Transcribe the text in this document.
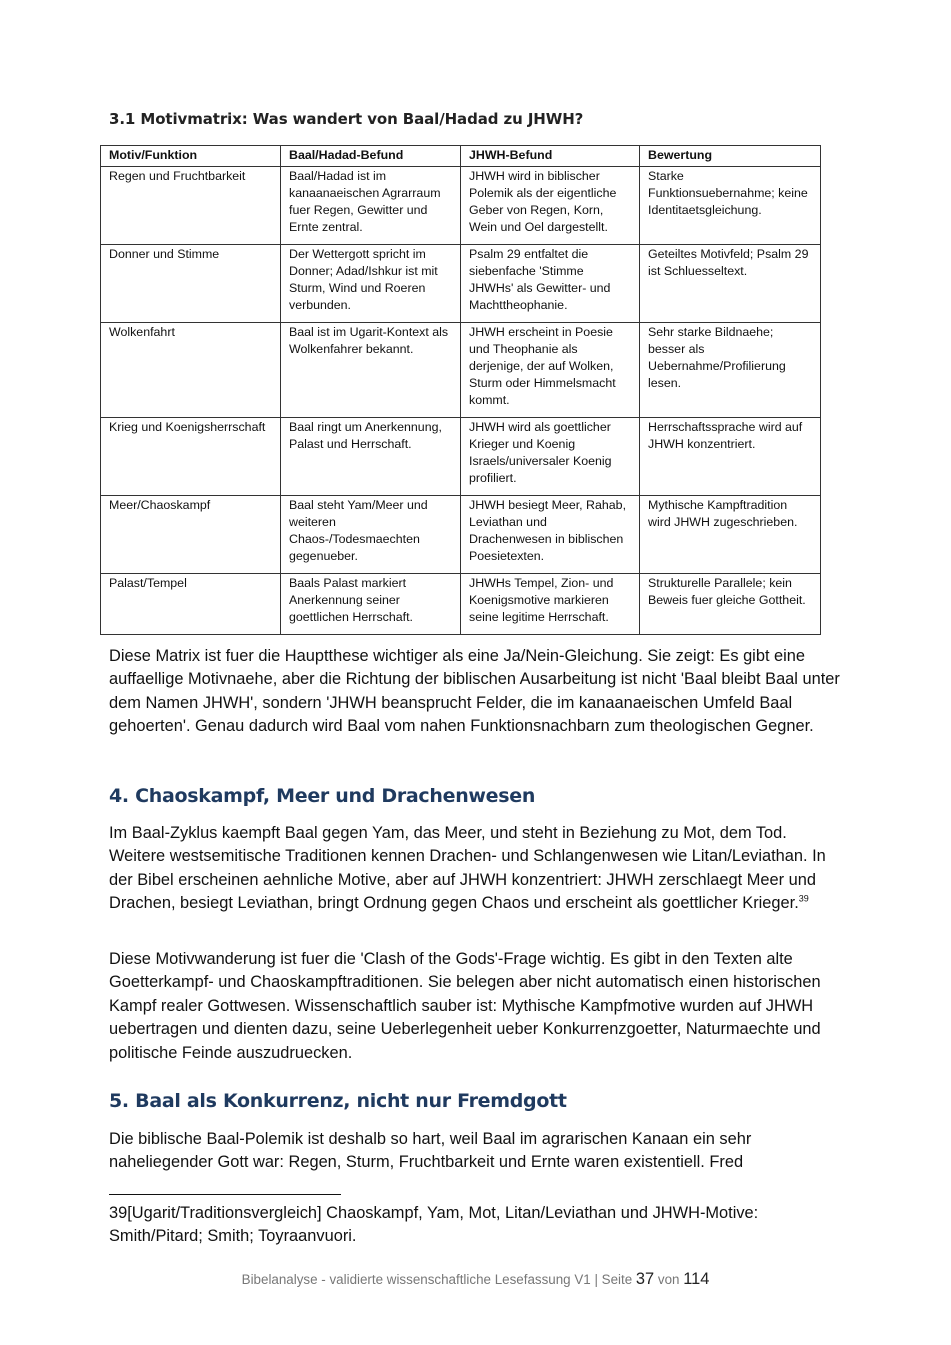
3.1 Motivmatrix: Was wandert von Baal/Hadad zu JHWH?
Motiv/Funktion	Baal/Hadad-Befund	JHWH-Befund	Bewertung
Regen und Fruchtbarkeit	Baal/Hadad ist im kanaanaeischen Agrarraum fuer Regen, Gewitter und Ernte zentral.	JHWH wird in biblischer Polemik als der eigentliche Geber von Regen, Korn, Wein und Oel dargestellt.	Starke Funktionsuebernahme; keine Identitaetsgleichung.
Donner und Stimme	Der Wettergott spricht im Donner; Adad/Ishkur ist mit Sturm, Wind und Roeren verbunden.	Psalm 29 entfaltet die siebenfache 'Stimme JHWHs' als Gewitter- und Machttheophanie.	Geteiltes Motivfeld; Psalm 29 ist Schluesseltext.
Wolkenfahrt	Baal ist im Ugarit-Kontext als Wolkenfahrer bekannt.	JHWH erscheint in Poesie und Theophanie als derjenige, der auf Wolken, Sturm oder Himmelsmacht kommt.	Sehr starke Bildnaehe; besser als Uebernahme/Profilierung lesen.
Krieg und Koenigsherrschaft	Baal ringt um Anerkennung, Palast und Herrschaft.	JHWH wird als goettlicher Krieger und Koenig Israels/universaler Koenig profiliert.	Herrschaftssprache wird auf JHWH konzentriert.
Meer/Chaoskampf	Baal steht Yam/Meer und weiteren Chaos-/Todesmaechten gegenueber.	JHWH besiegt Meer, Rahab, Leviathan und Drachenwesen in biblischen Poesietexten.	Mythische Kampftradition wird JHWH zugeschrieben.
Palast/Tempel	Baals Palast markiert Anerkennung seiner goettlichen Herrschaft.	JHWHs Tempel, Zion- und Koenigsmotive markieren seine legitime Herrschaft.	Strukturelle Parallele; kein Beweis fuer gleiche Gottheit.

Diese Matrix ist fuer die Hauptthese wichtiger als eine Ja/Nein-Gleichung. Sie zeigt: Es gibt eine auffaellige Motivnaehe, aber die Richtung der biblischen Ausarbeitung ist nicht 'Baal bleibt Baal unter dem Namen JHWH', sondern 'JHWH beansprucht Felder, die im kanaanaeischen Umfeld Baal gehoerten'. Genau dadurch wird Baal vom nahen Funktionsnachbarn zum theologischen Gegner.

4. Chaoskampf, Meer und Drachenwesen

Im Baal-Zyklus kaempft Baal gegen Yam, das Meer, und steht in Beziehung zu Mot, dem Tod. Weitere westsemitische Traditionen kennen Drachen- und Schlangenwesen wie Litan/Leviathan. In der Bibel erscheinen aehnliche Motive, aber auf JHWH konzentriert: JHWH zerschlaegt Meer und Drachen, besiegt Leviathan, bringt Ordnung gegen Chaos und erscheint als goettlicher Krieger.$^{39}$

Diese Motivwanderung ist fuer die 'Clash of the Gods'-Frage wichtig. Es gibt in den Texten alte Goetterkampf- und Chaoskampftraditionen. Sie belegen aber nicht automatisch einen historischen Kampf realer Gottwesen. Wissenschaftlich sauber ist: Mythische Kampfmotive wurden auf JHWH uebertragen und dienten dazu, seine Ueberlegenheit ueber Konkurrenzgoetter, Naturmaechte und politische Feinde auszudruecken.

5. Baal als Konkurrenz, nicht nur Fremdgott

Die biblische Baal-Polemik ist deshalb so hart, weil Baal im agrarischen Kanaan ein sehr naheliegender Gott war: Regen, Sturm, Fruchtbarkeit und Ernte waren existentiell. Fred

39[Ugarit/Traditionsvergleich] Chaoskampf, Yam, Mot, Litan/Leviathan und JHWH-Motive: Smith/Pitard; Smith; Toyraanvuori.

Bibelanalyse - validierte wissenschaftliche Lesefassung V1 | Seite 37 von 114
